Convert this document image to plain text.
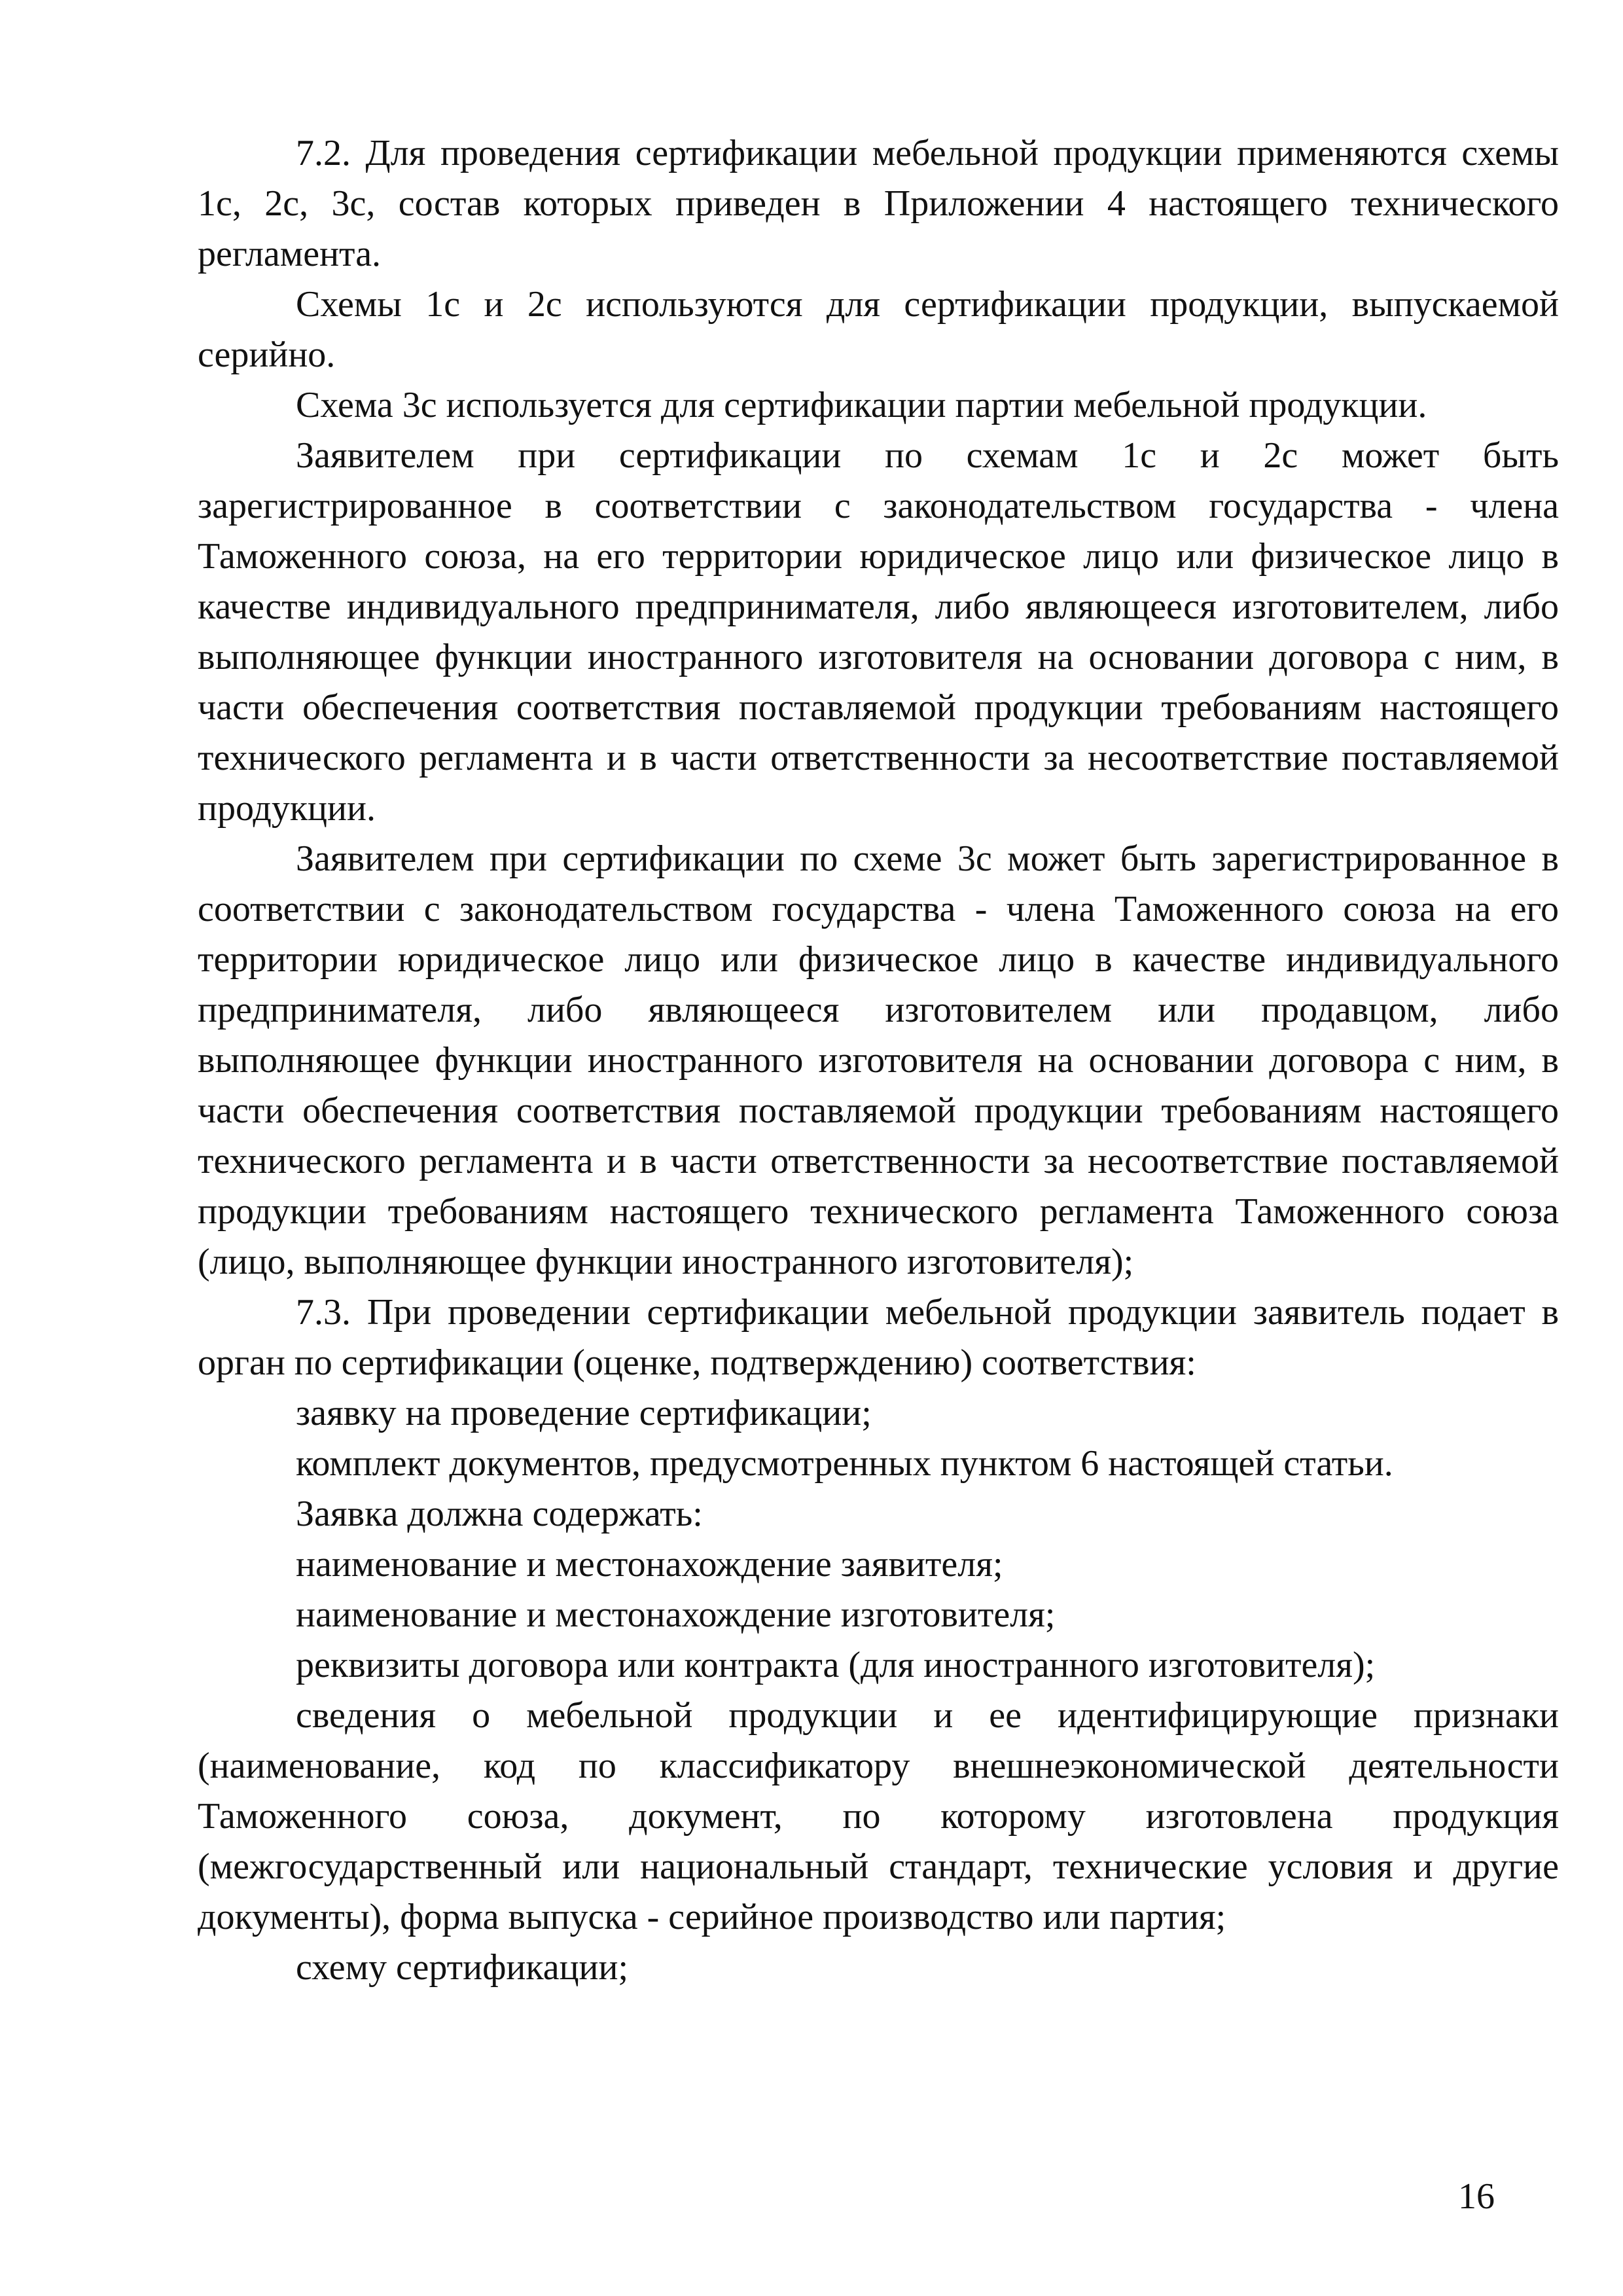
7.2. Для проведения сертификации мебельной продукции применяются схемы 1с, 2с, 3с, состав которых приведен в Приложении 4 настоящего технического регламента.

Схемы 1с и 2с используются для сертификации продукции, выпускаемой серийно.

Схема 3с используется для сертификации партии мебельной продукции.

Заявителем при сертификации по схемам 1с и 2с может быть зарегистрированное в соответствии с законодательством государства - члена Таможенного союза, на его территории юридическое лицо или физическое лицо в качестве индивидуального предпринимателя, либо являющееся изготовителем, либо выполняющее функции иностранного изготовителя на основании договора с ним, в части обеспечения соответствия поставляемой продукции требованиям настоящего технического регламента и в части ответственности за несоответствие поставляемой продукции.

Заявителем при сертификации по схеме 3с может быть зарегистрированное в соответствии с законодательством государства - члена Таможенного союза на его территории юридическое лицо или физическое лицо в качестве индивидуального предпринимателя, либо являющееся изготовителем или продавцом, либо выполняющее функции иностранного изготовителя на основании договора с ним, в части обеспечения соответствия поставляемой продукции требованиям настоящего технического регламента и в части ответственности за несоответствие поставляемой продукции требованиям настоящего технического регламента Таможенного союза (лицо, выполняющее функции иностранного изготовителя);

7.3. При проведении сертификации мебельной продукции заявитель подает в орган по сертификации (оценке, подтверждению) соответствия:

заявку на проведение сертификации;

комплект документов, предусмотренных пунктом 6 настоящей статьи.

Заявка должна содержать:

наименование и местонахождение заявителя;

наименование и местонахождение изготовителя;

реквизиты договора или контракта (для иностранного изготовителя);

сведения о мебельной продукции и ее идентифицирующие признаки (наименование, код по классификатору внешнеэкономической деятельности Таможенного союза, документ, по которому изготовлена продукция (межгосударственный или национальный стандарт, технические условия и другие документы), форма выпуска - серийное производство или партия;

схему сертификации;

16
